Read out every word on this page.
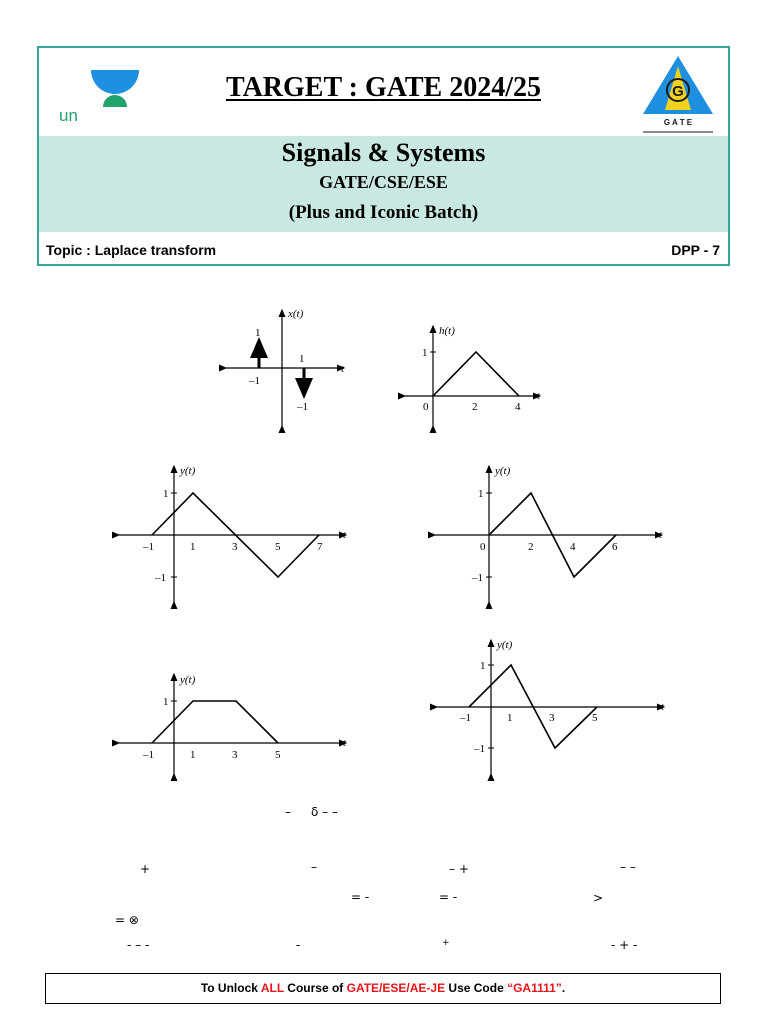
un
TARGET : GATE 2024/25	G
G A T E
Signals & Systems
GATE/CSE/ESE
(Plus and Iconic Batch)
Topic : Laplace transform	DPP - 7
x(t)
t
1
–1
1
–1
h(t)
t
1
0	2	4
y(t)
t
1
–1
–1	1	3	5	7
y(t)
t
1
–1
0	2	4	6
y(t)
t
1
–1	1	3	5
y(t)
t
1
–1
–1	1	3	5
– δ – –
+	–	– +	– –
= -	= -	>
= ⊗
- – -	-	+	- + -
To Unlock ALL Course of GATE/ESE/AE-JE Use Code “GA1111”.
